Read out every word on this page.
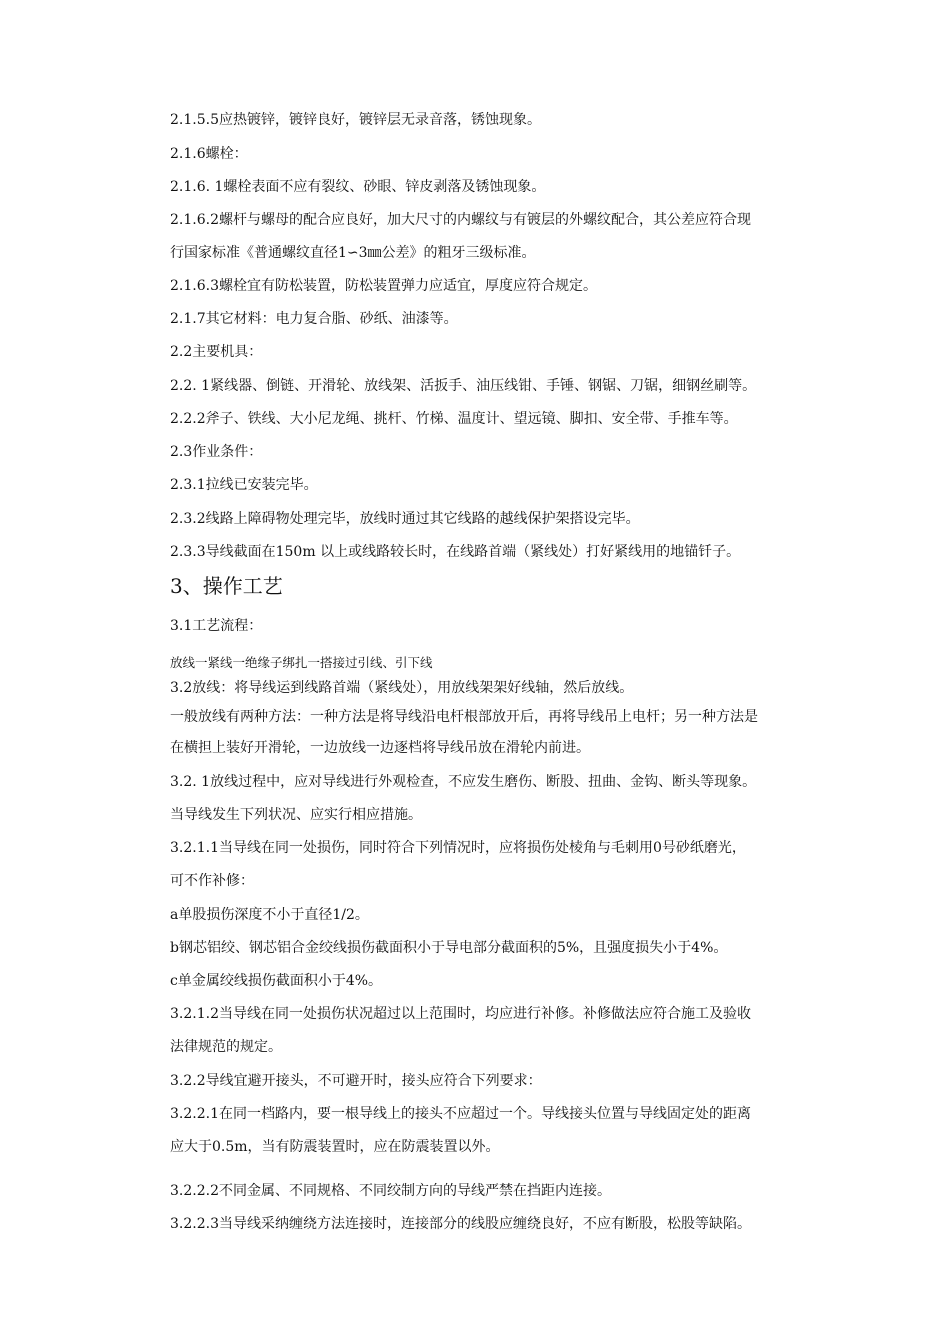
2.1.5.5应热镀锌，镀锌良好，镀锌层无录音落，锈蚀现象。
2.1.6螺栓：
2.1.6. 1螺栓表面不应有裂纹、砂眼、锌皮剥落及锈蚀现象。
2.1.6.2螺杆与螺母的配合应良好，加大尺寸的内螺纹与有镀层的外螺纹配合，其公差应符合现
行国家标准《普通螺纹直径1∽3㎜公差》的粗牙三级标准。
2.1.6.3螺栓宜有防松装置，防松装置弹力应适宜，厚度应符合规定。
2.1.7其它材料：电力复合脂、砂纸、油漆等。
2.2主要机具：
2.2. 1紧线器、倒链、开滑轮、放线架、活扳手、油压线钳、手锤、钢锯、刀锯，细钢丝刷等。
2.2.2斧子、铁线、大小尼龙绳、挑杆、竹梯、温度计、望远镜、脚扣、安全带、手推车等。
2.3作业条件：
2.3.1拉线已安装完毕。
2.3.2线路上障碍物处理完毕，放线时通过其它线路的越线保护架搭设完毕。
2.3.3导线截面在150m 以上或线路较长时，在线路首端（紧线处）打好紧线用的地锚钎子。
3、操作工艺
3.1工艺流程：
放线一紧线一绝缘子绑扎一搭接过引线、引下线
3.2放线：将导线运到线路首端（紧线处），用放线架架好线轴，然后放线。
一般放线有两种方法：一种方法是将导线沿电杆根部放开后，再将导线吊上电杆；另一种方法是
在横担上装好开滑轮，一边放线一边逐档将导线吊放在滑轮内前进。
3.2. 1放线过程中，应对导线进行外观检查，不应发生磨伤、断股、扭曲、金钩、断头等现象。
当导线发生下列状况、应实行相应措施。
3.2.1.1当导线在同一处损伤，同时符合下列情况时，应将损伤处棱角与毛刺用0号砂纸磨光，
可不作补修：
a单股损伤深度不小于直径1/2。
b钢芯铝绞、钢芯铝合金绞线损伤截面积小于导电部分截面积的5%，且强度损失小于4%。
c单金属绞线损伤截面积小于4%。
3.2.1.2当导线在同一处损伤状况超过以上范围时，均应进行补修。补修做法应符合施工及验收
法律规范的规定。
3.2.2导线宜避开接头，不可避开时，接头应符合下列要求：
3.2.2.1在同一档路内，要一根导线上的接头不应超过一个。导线接头位置与导线固定处的距离
应大于0.5m，当有防震装置时，应在防震装置以外。
3.2.2.2不同金属、不同规格、不同绞制方向的导线严禁在挡距内连接。
3.2.2.3当导线采纳缠绕方法连接时，连接部分的线股应缠绕良好，不应有断股，松股等缺陷。
